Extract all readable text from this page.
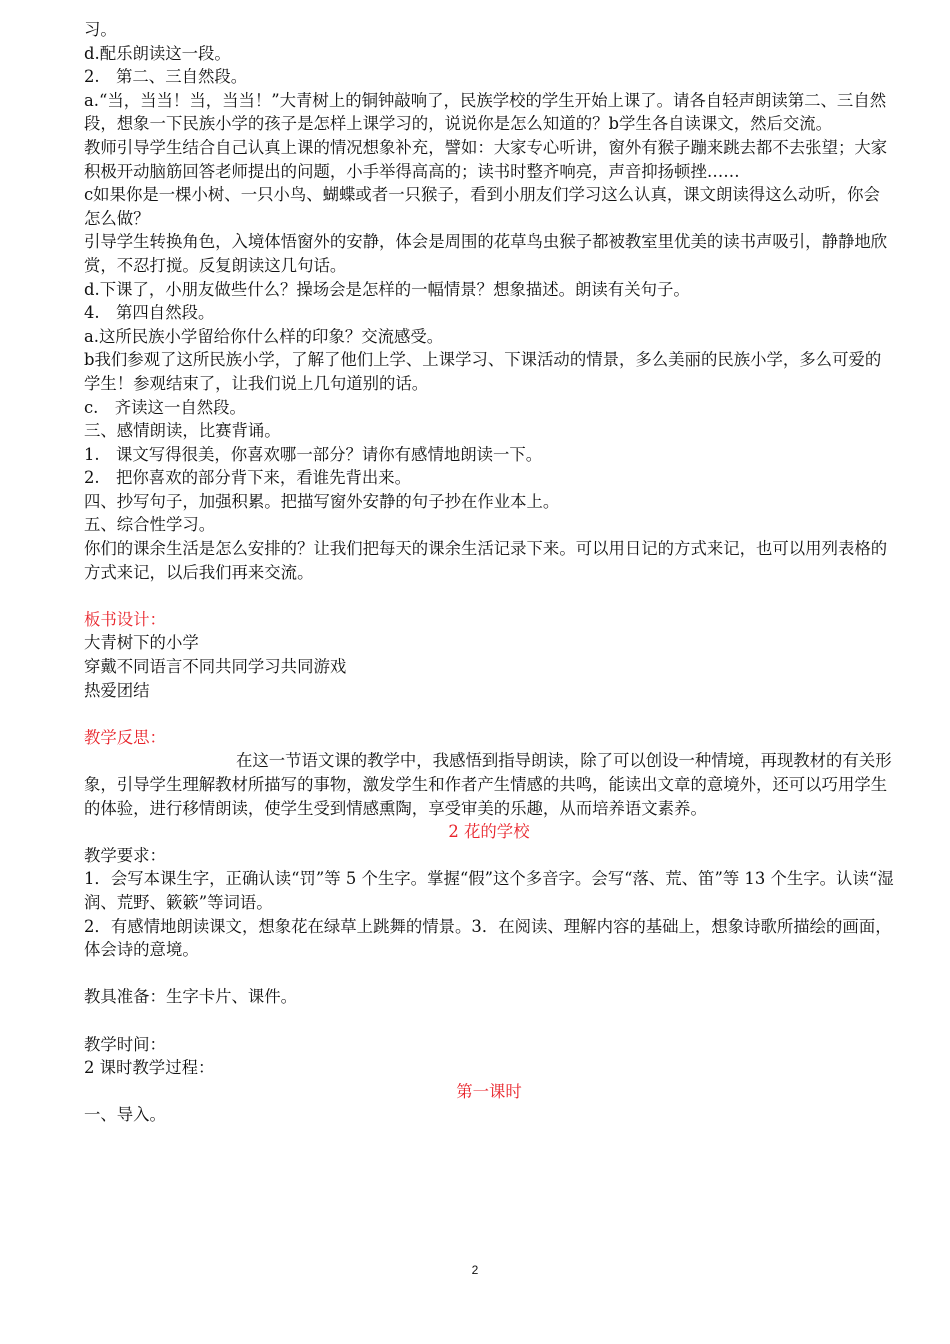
习。

d.配乐朗读这一段。

2.　第二、三自然段。

a.“当，当当！当，当当！”大青树上的铜钟敲响了，民族学校的学生开始上课了。请各自轻声朗读第二、三自然段，想象一下民族小学的孩子是怎样上课学习的，说说你是怎么知道的？b学生各自读课文，然后交流。

教师引导学生结合自己认真上课的情况想象补充，譬如：大家专心听讲，窗外有猴子蹦来跳去都不去张望；大家积极开动脑筋回答老师提出的问题，小手举得高高的；读书时整齐响亮，声音抑扬顿挫……

c如果你是一棵小树、一只小鸟、蝴蝶或者一只猴子，看到小朋友们学习这么认真，课文朗读得这么动听，你会怎么做？

引导学生转换角色，入境体悟窗外的安静，体会是周围的花草鸟虫猴子都被教室里优美的读书声吸引，静静地欣赏，不忍打搅。反复朗读这几句话。

d.下课了，小朋友做些什么？操场会是怎样的一幅情景？想象描述。朗读有关句子。

4.　第四自然段。

a.这所民族小学留给你什么样的印象？交流感受。

b我们参观了这所民族小学，了解了他们上学、上课学习、下课活动的情景，多么美丽的民族小学，多么可爱的学生！参观结束了，让我们说上几句道别的话。

c.　齐读这一自然段。

三、感情朗读，比赛背诵。

1.　课文写得很美，你喜欢哪一部分？请你有感情地朗读一下。

2.　把你喜欢的部分背下来，看谁先背出来。

四、抄写句子，加强积累。把描写窗外安静的句子抄在作业本上。

五、综合性学习。

你们的课余生活是怎么安排的？让我们把每天的课余生活记录下来。可以用日记的方式来记，也可以用列表格的方式来记，以后我们再来交流。

板书设计：

大青树下的小学

穿戴不同语言不同共同学习共同游戏

热爱团结

教学反思：

在这一节语文课的教学中，我感悟到指导朗读，除了可以创设一种情境，再现教材的有关形象，引导学生理解教材所描写的事物，激发学生和作者产生情感的共鸣，能读出文章的意境外，还可以巧用学生的体验，进行移情朗读，使学生受到情感熏陶，享受审美的乐趣，从而培养语文素养。

2 花的学校

教学要求：

1．会写本课生字，正确认读“罚”等 5 个生字。掌握“假”这个多音字。会写“落、荒、笛”等 13 个生字。认读“湿润、荒野、簌簌”等词语。

2．有感情地朗读课文，想象花在绿草上跳舞的情景。3．在阅读、理解内容的基础上，想象诗歌所描绘的画面，体会诗的意境。

教具准备：生字卡片、课件。

教学时间：

2 课时教学过程：

第一课时

一、导入。

2
